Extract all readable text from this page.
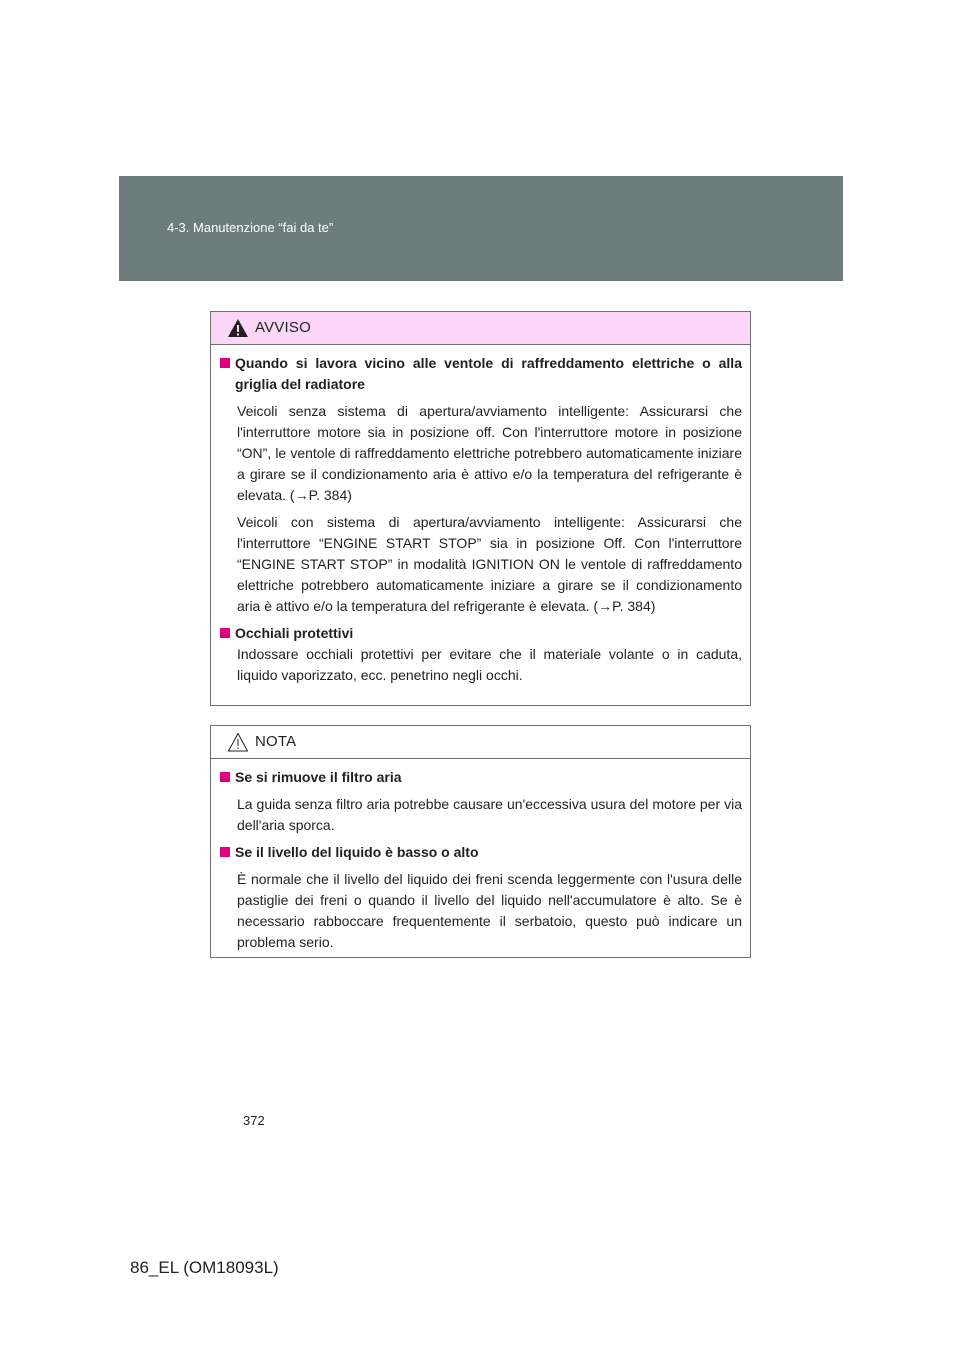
4-3. Manutenzione “fai da te”
AVVISO
Quando si lavora vicino alle ventole di raffreddamento elettriche o alla griglia del radiatore
Veicoli senza sistema di apertura/avviamento intelligente: Assicurarsi che l'interruttore motore sia in posizione off. Con l'interruttore motore in posizione “ON”, le ventole di raffreddamento elettriche potrebbero automaticamente iniziare a girare se il condizionamento aria è attivo e/o la temperatura del refrigerante è elevata. (→P. 384)
Veicoli con sistema di apertura/avviamento intelligente: Assicurarsi che l'interruttore “ENGINE START STOP” sia in posizione Off. Con l'interruttore “ENGINE START STOP” in modalità IGNITION ON le ventole di raffreddamento elettriche potrebbero automaticamente iniziare a girare se il condizionamento aria è attivo e/o la temperatura del refrigerante è elevata. (→P. 384)
Occhiali protettivi
Indossare occhiali protettivi per evitare che il materiale volante o in caduta, liquido vaporizzato, ecc. penetrino negli occhi.
NOTA
Se si rimuove il filtro aria
La guida senza filtro aria potrebbe causare un'eccessiva usura del motore per via dell'aria sporca.
Se il livello del liquido è basso o alto
È normale che il livello del liquido dei freni scenda leggermente con l'usura delle pastiglie dei freni o quando il livello del liquido nell'accumulatore è alto. Se è necessario rabboccare frequentemente il serbatoio, questo può indicare un problema serio.
372
86_EL (OM18093L)
